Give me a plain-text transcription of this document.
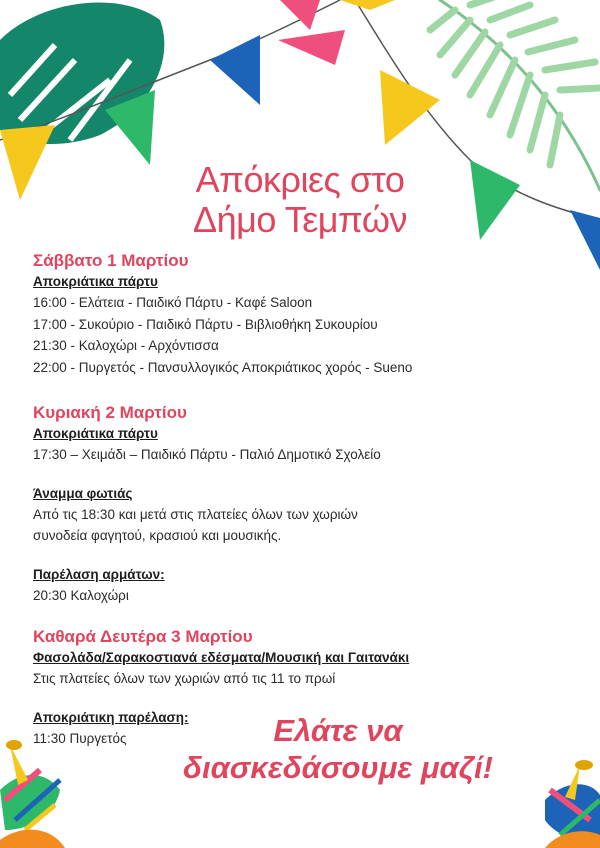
Απόκριες στο
Δήμο Τεμπών
Σάββατο 1 Μαρτίου
Αποκριάτικα πάρτυ
16:00 - Ελάτεια - Παιδικό Πάρτυ - Καφέ Saloon
17:00 - Συκούριο - Παιδικό Πάρτυ - Βιβλιοθήκη Συκουρίου
21:30 - Καλοχώρι - Αρχόντισσα
22:00 - Πυργετός - Πανσυλλογικός Αποκριάτικος χορός - Sueno
Κυριακή 2 Μαρτίου
Αποκριάτικα πάρτυ
17:30 – Χειμάδι – Παιδικό Πάρτυ - Παλιό Δημοτικό Σχολείο
Άναμμα φωτιάς
Από τις 18:30 και μετά στις πλατείες όλων των χωριών
συνοδεία φαγητού, κρασιού και μουσικής.
Παρέλαση αρμάτων:
20:30 Καλοχώρι
Καθαρά Δευτέρα 3 Μαρτίου
Φασολάδα/Σαρακοστιανά εδέσματα/Μουσική και Γαιτανάκι
Στις πλατείες όλων των χωριών από τις 11 το πρωί
Αποκριάτικη παρέλαση:
11:30 Πυργετός	Ελάτε να
διασκεδάσουμε μαζί!
